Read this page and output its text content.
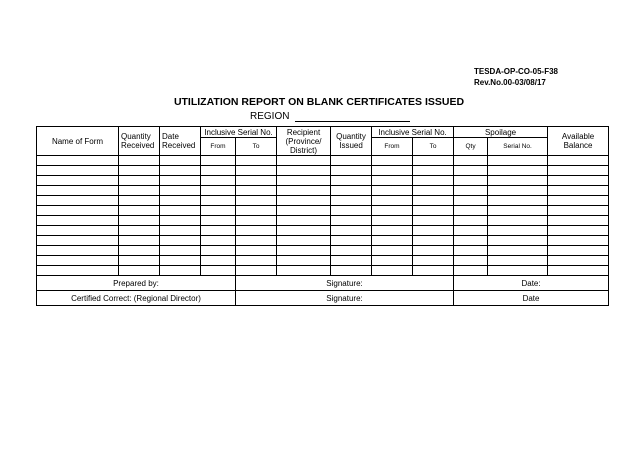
TESDA-OP-CO-05-F38
Rev.No.00-03/08/17
UTILIZATION REPORT ON BLANK CERTIFICATES ISSUED
REGION
Name of Form	Quantity Received	Date Received	Inclusive Serial No.		Recipient (Province/ District)	Quantity Issued	Inclusive Serial No.		Spoilage		Available Balance
			From	To			From	To	Qty	Serial No.	

Prepared by:				Signature:					Date:		
Certified Correct: (Regional Director)				Signature:					Date		
